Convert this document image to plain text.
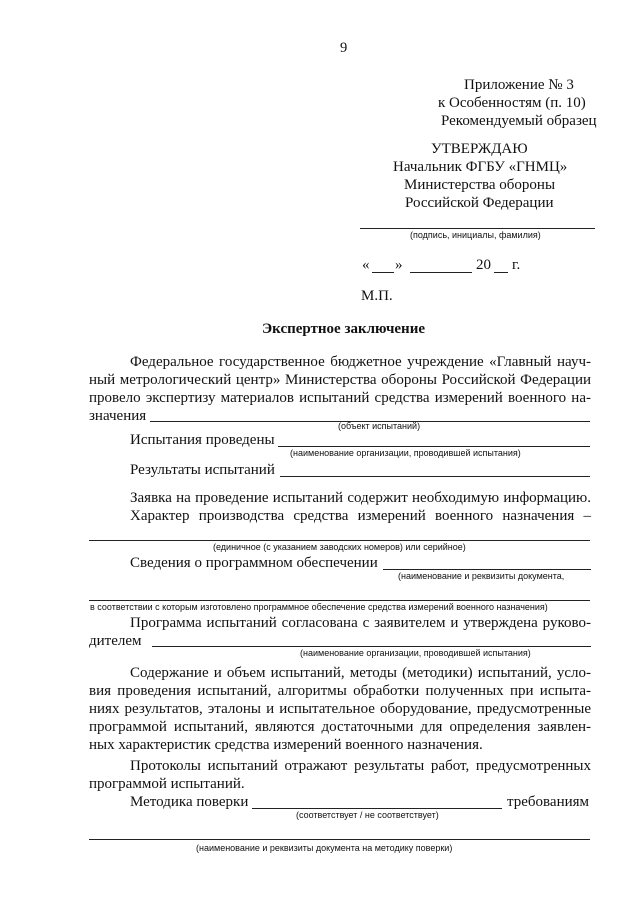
9
Приложение № 3
к Особенностям (п. 10)
Рекомендуемый образец
УТВЕРЖДАЮ
Начальник ФГБУ «ГНМЦ»
Министерства обороны
Российской Федерации
(подпись, инициалы, фамилия)
« »	20 г.
М.П.
Экспертное заключение
Федеральное государственное бюджетное учреждение «Главный науч-
ный метрологический центр» Министерства обороны Российской Федерации
провело экспертизу материалов испытаний средства измерений военного на-
значения
(объект испытаний)
Испытания проведены
(наименование организации, проводившей испытания)
Результаты испытаний
Заявка на проведение испытаний содержит необходимую информацию.
Характер производства средства измерений военного назначения –
(единичное (с указанием заводских номеров) или серийное)
Сведения о программном обеспечении
(наименование и реквизиты документа,
в соответствии с которым изготовлено программное обеспечение средства измерений военного назначения)
Программа испытаний согласована с заявителем и утверждена руково-
дителем
(наименование организации, проводившей испытания)
Содержание и объем испытаний, методы (методики) испытаний, усло-
вия проведения испытаний, алгоритмы обработки полученных при испыта-
ниях результатов, эталоны и испытательное оборудование, предусмотренные
программой испытаний, являются достаточными для определения заявлен-
ных характеристик средства измерений военного назначения.
Протоколы испытаний отражают результаты работ, предусмотренных
программой испытаний.
Методика поверки	требованиям
(соответствует / не соответствует)
(наименование и реквизиты документа на методику поверки)
